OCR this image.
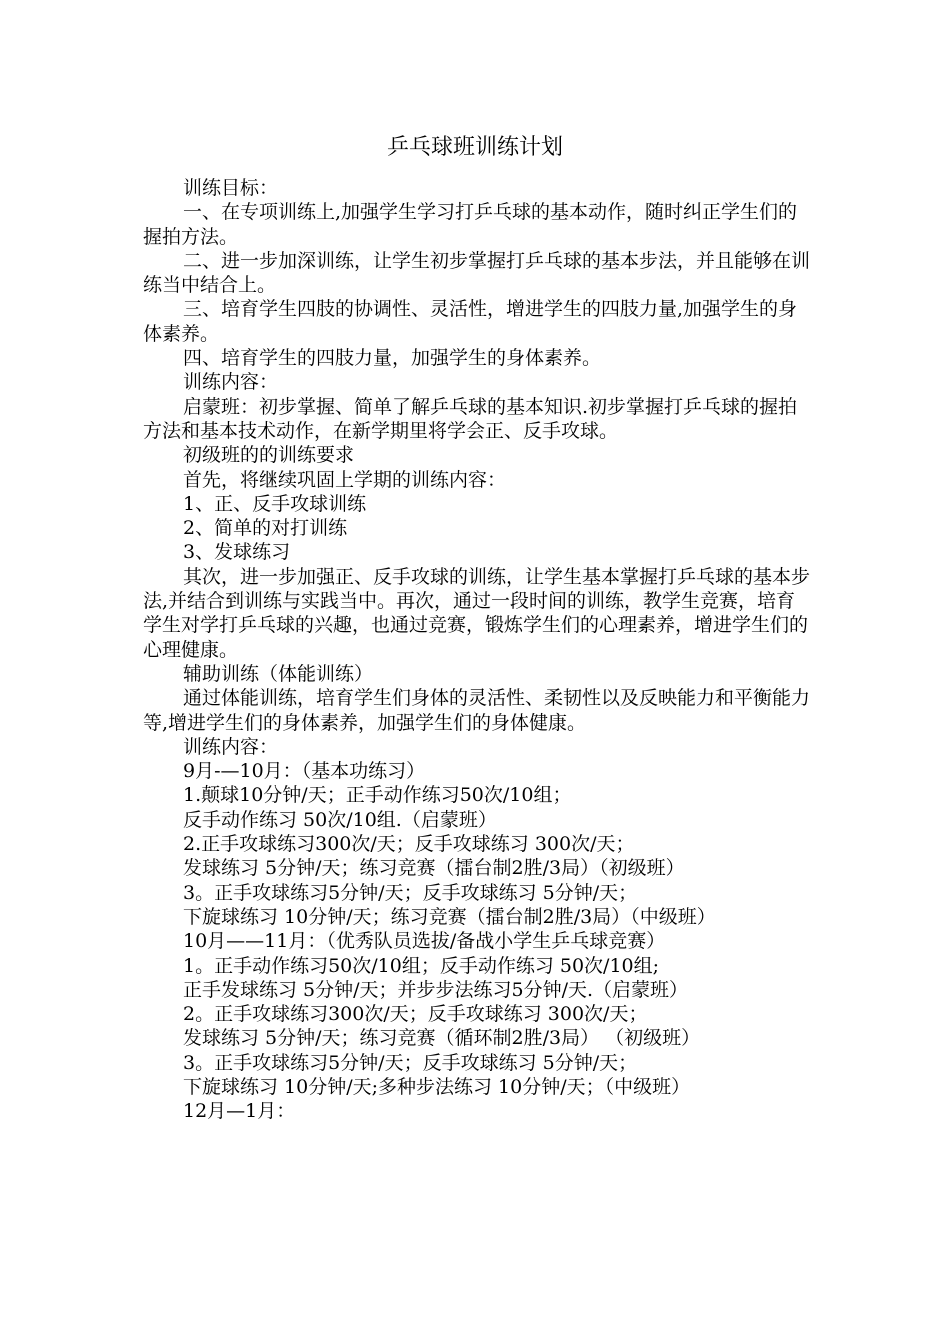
乒乓球班训练计划

训练目标：

一、在专项训练上,加强学生学习打乒乓球的基本动作，随时纠正学生们的握拍方法。

二、进一步加深训练，让学生初步掌握打乒乓球的基本步法，并且能够在训练当中结合上。

三、培育学生四肢的协调性、灵活性，增进学生的四肢力量,加强学生的身体素养。

四、培育学生的四肢力量，加强学生的身体素养。

训练内容：

启蒙班：初步掌握、简单了解乒乓球的基本知识.初步掌握打乒乓球的握拍方法和基本技术动作，在新学期里将学会正、反手攻球。

初级班的的训练要求

首先，将继续巩固上学期的训练内容：

1、正、反手攻球训练

2、简单的对打训练

3、发球练习

其次，进一步加强正、反手攻球的训练，让学生基本掌握打乒乓球的基本步法,并结合到训练与实践当中。再次，通过一段时间的训练，教学生竞赛，培育学生对学打乒乓球的兴趣，也通过竞赛，锻炼学生们的心理素养，增进学生们的心理健康。

辅助训练（体能训练）

通过体能训练，培育学生们身体的灵活性、柔韧性以及反映能力和平衡能力等,增进学生们的身体素养，加强学生们的身体健康。

训练内容：

9月-—10月：（基本功练习）

1.颠球10分钟/天；正手动作练习50次/10组；

反手动作练习 50次/10组.（启蒙班）

2.正手攻球练习300次/天；反手攻球练习 300次/天；

发球练习 5分钟/天；练习竞赛（擂台制2胜/3局）（初级班）

3。正手攻球练习5分钟/天；反手攻球练习 5分钟/天；

下旋球练习 10分钟/天；练习竞赛（擂台制2胜/3局）（中级班）

10月——11月：（优秀队员选拔/备战小学生乒乓球竞赛）

1。正手动作练习50次/10组；反手动作练习 50次/10组;

正手发球练习 5分钟/天；并步步法练习5分钟/天.（启蒙班）

2。正手攻球练习300次/天；反手攻球练习 300次/天；

发球练习 5分钟/天；练习竞赛（循环制2胜/3局） （初级班）

3。正手攻球练习5分钟/天；反手攻球练习 5分钟/天；

下旋球练习 10分钟/天;多种步法练习 10分钟/天；（中级班）

12月—1月：
